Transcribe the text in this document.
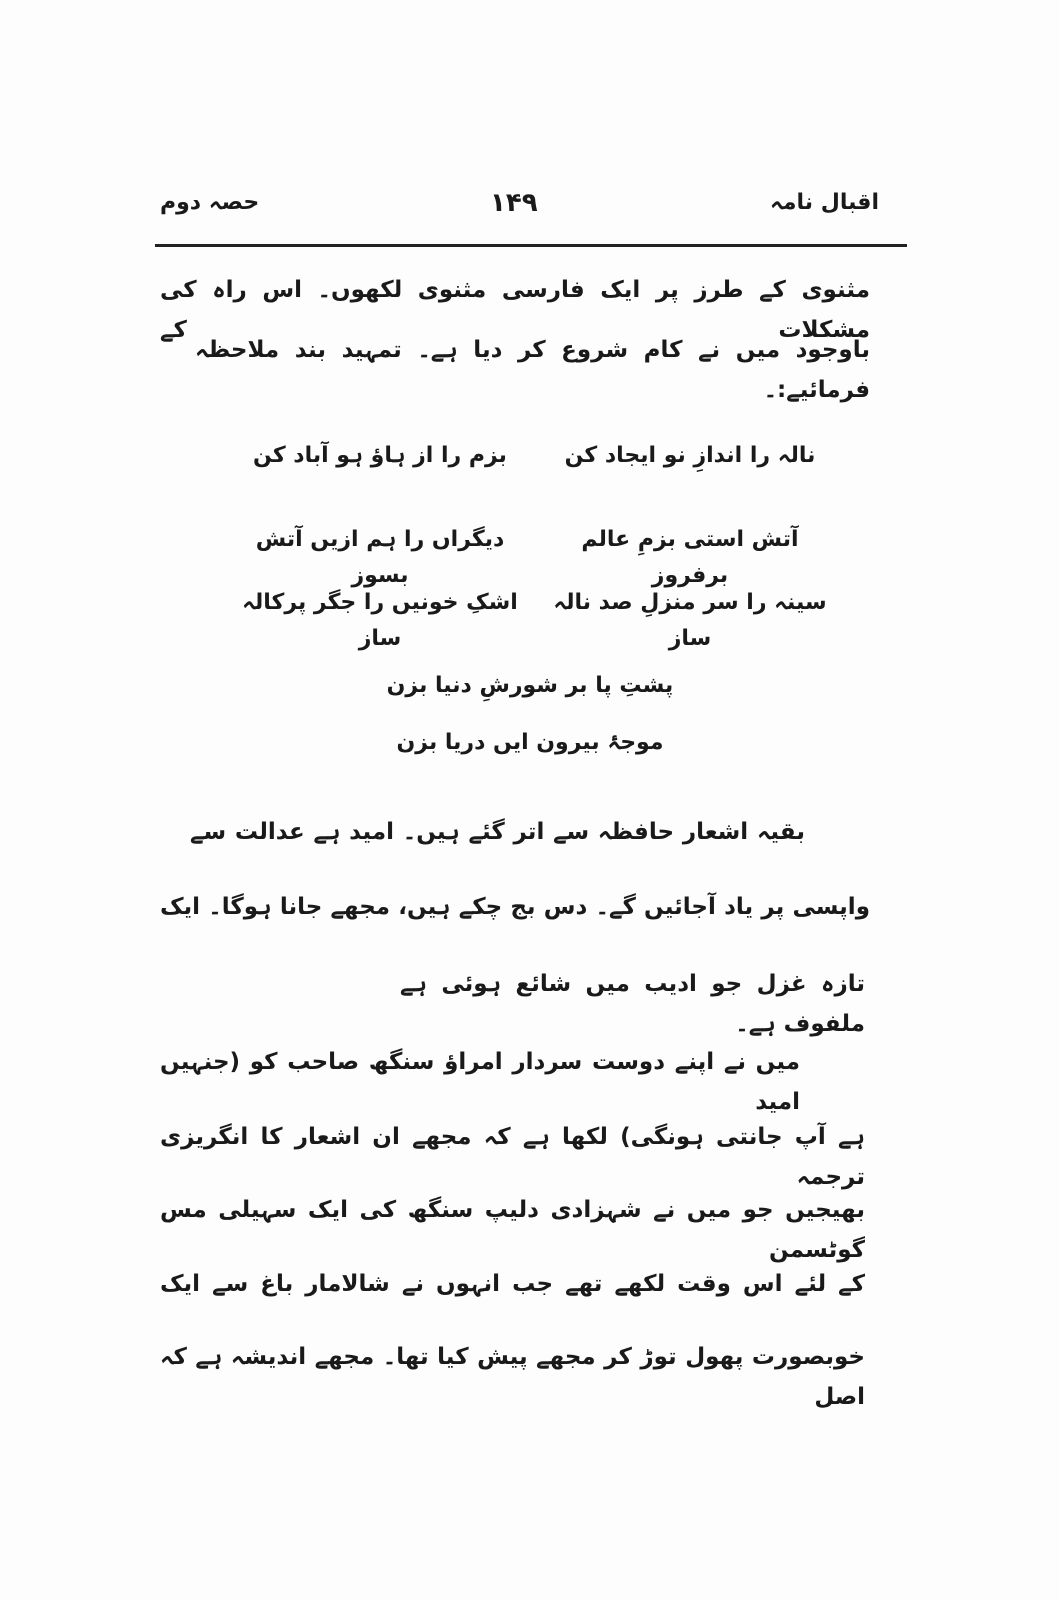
اقبال نامہ
۱۴۹
حصہ دوم
مثنوی کے طرز پر ایک فارسی مثنوی لکھوں۔ اس راہ کی مشکلات کے
باوجود میں نے کام شروع کر دیا ہے۔ تمہید بند ملاحظہ فرمائیے:۔
نالہ را اندازِ نو ایجاد کن
بزم را از ہاؤ ہو آباد کن
آتش استی بزمِ عالم برفروز
دیگراں را ہم ازیں آتش بسوز
سینہ را سر منزلِ صد نالہ ساز
اشکِ خونیں را جگر پرکالہ ساز
پشتِ پا بر شورشِ دنیا بزن
موجۂ بیرون ایں دریا بزن
بقیہ اشعار حافظہ سے اتر گئے ہیں۔ امید ہے عدالت سے
واپسی پر یاد آجائیں گے۔ دس بج چکے ہیں، مجھے جانا ہوگا۔ ایک
تازہ غزل جو ادیب میں شائع ہوئی ہے ملفوف ہے۔
میں نے اپنے دوست سردار امراؤ سنگھ صاحب کو (جنہیں امید
ہے آپ جانتی ہونگی) لکھا ہے کہ مجھے ان اشعار کا انگریزی ترجمہ
بھیجیں جو میں نے شہزادی دلیپ سنگھ کی ایک سہیلی مس گوٹسمن
کے لئے اس وقت لکھے تھے جب انہوں نے شالامار باغ سے ایک
خوبصورت پھول توڑ کر مجھے پیش کیا تھا۔ مجھے اندیشہ ہے کہ اصل
